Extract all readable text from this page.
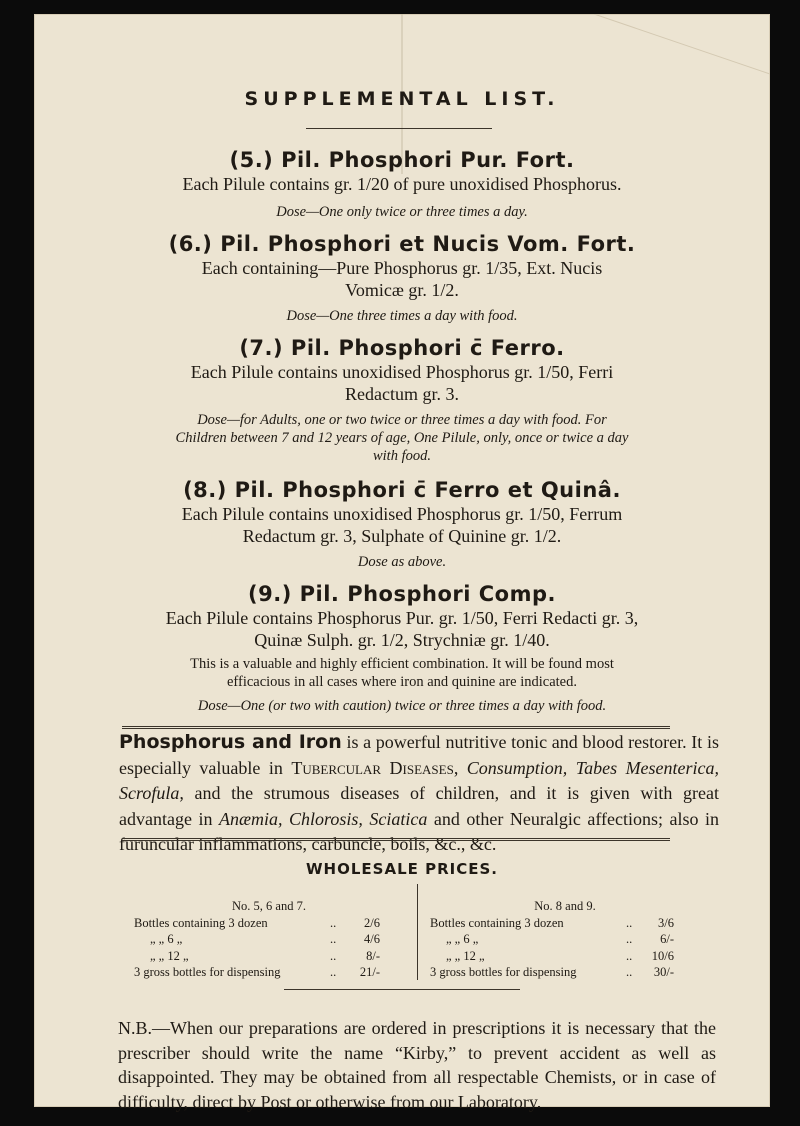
SUPPLEMENTAL LIST.
(5.) Pil. Phosphori Pur. Fort.
Each Pilule contains gr. 1/20 of pure unoxidised Phosphorus.
Dose—One only twice or three times a day.
(6.) Pil. Phosphori et Nucis Vom. Fort.
Each containing—Pure Phosphorus gr. 1/35, Ext. Nucis
Vomicæ gr. 1/2.
Dose—One three times a day with food.
(7.) Pil. Phosphori c̄ Ferro.
Each Pilule contains unoxidised Phosphorus gr. 1/50, Ferri
Redactum gr. 3.
Dose—for Adults, one or two twice or three times a day with food. For
Children between 7 and 12 years of age, One Pilule, only, once or twice a day
with food.
(8.) Pil. Phosphori c̄ Ferro et Quinâ.
Each Pilule contains unoxidised Phosphorus gr. 1/50, Ferrum
Redactum gr. 3, Sulphate of Quinine gr. 1/2.
Dose as above.
(9.) Pil. Phosphori Comp.
Each Pilule contains Phosphorus Pur. gr. 1/50, Ferri Redacti gr. 3,
Quinæ Sulph. gr. 1/2, Strychniæ gr. 1/40.
This is a valuable and highly efficient combination. It will be found most
efficacious in all cases where iron and quinine are indicated.
Dose—One (or two with caution) twice or three times a day with food.
Phosphorus and Iron is a powerful nutritive tonic and blood restorer. It is especially valuable in Tubercular Diseases, Consumption, Tabes Mesenterica, Scrofula, and the strumous diseases of children, and it is given with great advantage in Anæmia, Chlorosis, Sciatica and other Neuralgic affections; also in furuncular inflammations, carbuncle, boils, &c., &c.
WHOLESALE PRICES.
No. 5, 6 and 7.
Bottles containing 3 dozen	..	2/6
„ „ 6 „	..	4/6
„ „ 12 „	..	8/-
3 gross bottles for dispensing	..	21/-
No. 8 and 9.
Bottles containing 3 dozen	..	3/6
„ „ 6 „	..	6/-
„ „ 12 „	..	10/6
3 gross bottles for dispensing	..	30/-
N.B.—When our preparations are ordered in prescriptions it is necessary that the prescriber should write the name “Kirby,” to prevent accident as well as disappointed. They may be obtained from all respectable Chemists, or in case of difficulty, direct by Post or otherwise from our Laboratory.
